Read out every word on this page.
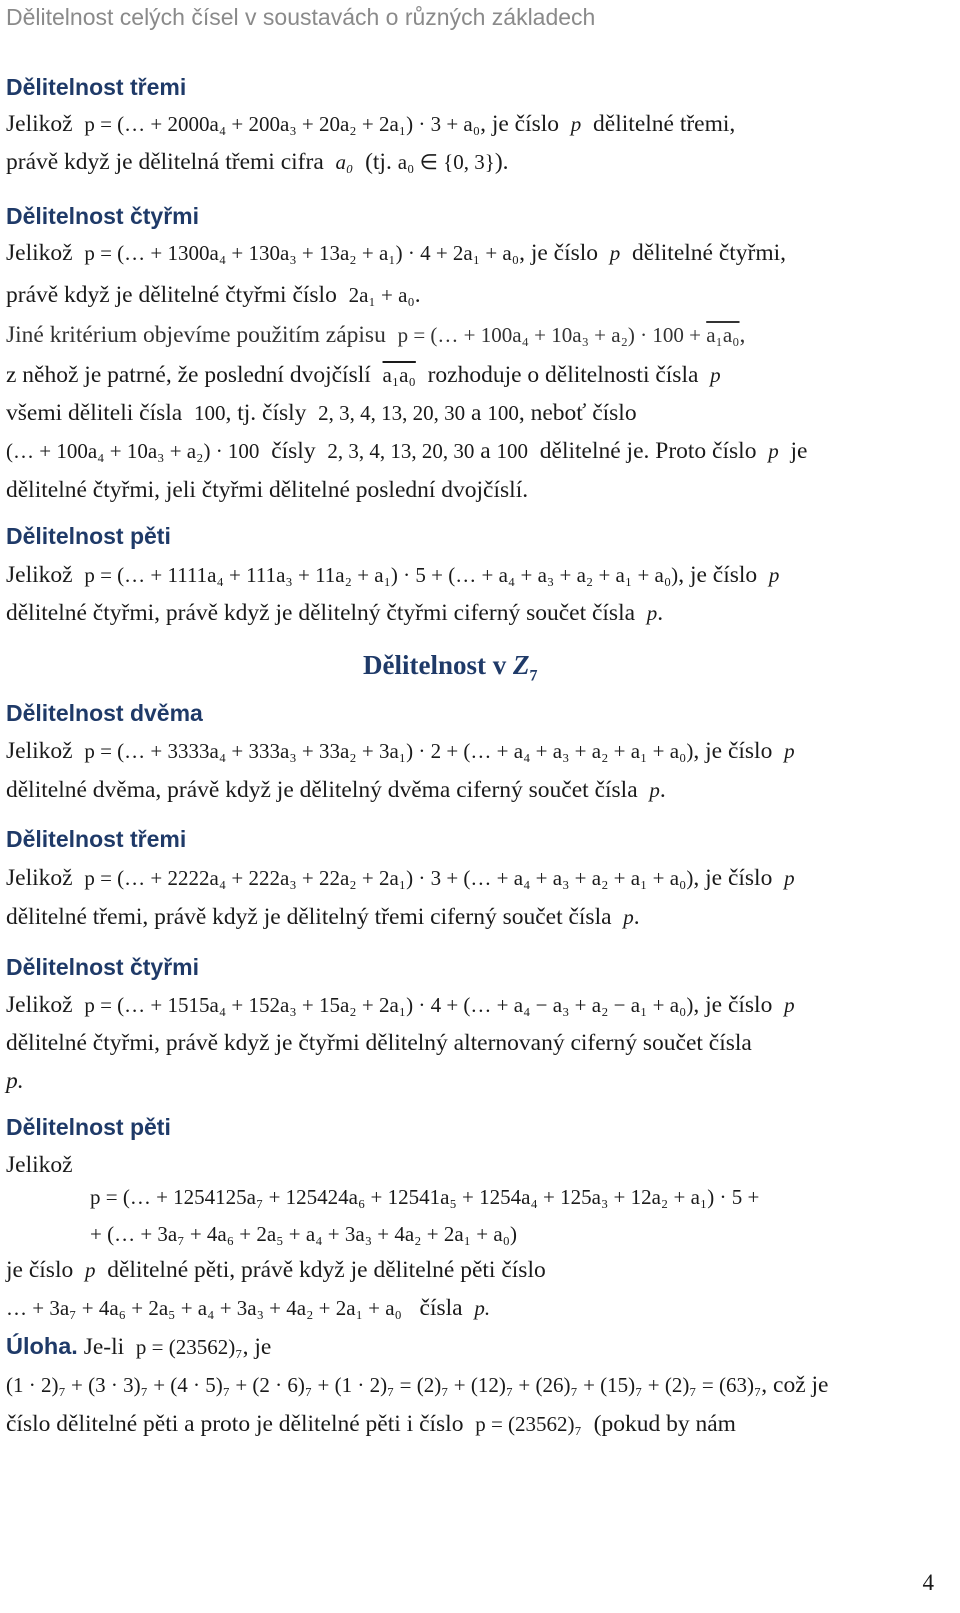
Dělitelnost celých čísel v soustavách o různých základech
Dělitelnost třemi
Jelikož p = (… + 2000a₄ + 200a₃ + 20a₂ + 2a₁) · 3 + a₀, je číslo p dělitelné třemi,
právě když je dělitelná třemi cifra a₀ (tj. a₀ ∈ {0, 3}).
Dělitelnost čtyřmi
Jelikož p = (… + 1300a₄ + 130a₃ + 13a₂ + a₁) · 4 + 2a₁ + a₀, je číslo p dělitelné čtyřmi,
právě když je dělitelné čtyřmi číslo 2a₁ + a₀.
Jiné kritérium objevíme použitím zápisu p = (… + 100a₄ + 10a₃ + a₂) · 100 + a₁a₀,
z něhož je patrné, že poslední dvojčíslí a₁a₀ rozhoduje o dělitelnosti čísla p
všemi děliteli čísla 100, tj. čísly 2, 3, 4, 13, 20, 30 a 100, neboť číslo
(… + 100a₄ + 10a₃ + a₂) · 100 čísly 2, 3, 4, 13, 20, 30 a 100 dělitelné je. Proto číslo p je
dělitelné čtyřmi, jeli čtyřmi dělitelné poslední dvojčíslí.
Dělitelnost pěti
Jelikož p = (… + 1111a₄ + 111a₃ + 11a₂ + a₁) · 5 + (… + a₄ + a₃ + a₂ + a₁ + a₀), je číslo p
dělitelné čtyřmi, právě když je dělitelný čtyřmi ciferný součet čísla p.
Dělitelnost v $Z_7$
Dělitelnost dvěma
Jelikož p = (… + 3333a₄ + 333a₃ + 33a₂ + 3a₁) · 2 + (… + a₄ + a₃ + a₂ + a₁ + a₀), je číslo p
dělitelné dvěma, právě když je dělitelný dvěma ciferný součet čísla p.
Dělitelnost třemi
Jelikož p = (… + 2222a₄ + 222a₃ + 22a₂ + 2a₁) · 3 + (… + a₄ + a₃ + a₂ + a₁ + a₀), je číslo p
dělitelné třemi, právě když je dělitelný třemi ciferný součet čísla p.
Dělitelnost čtyřmi
Jelikož p = (… + 1515a₄ + 152a₃ + 15a₂ + 2a₁) · 4 + (… + a₄ − a₃ + a₂ − a₁ + a₀), je číslo p
dělitelné čtyřmi, právě když je čtyřmi dělitelný alternovaný ciferný součet čísla
p.
Dělitelnost pěti
Jelikož
p = (… + 1254125a₇ + 125424a₆ + 12541a₅ + 1254a₄ + 125a₃ + 12a₂ + a₁) · 5 +
+ (… + 3a₇ + 4a₆ + 2a₅ + a₄ + 3a₃ + 4a₂ + 2a₁ + a₀)
je číslo p dělitelné pěti, právě když je dělitelné pěti číslo
… + 3a₇ + 4a₆ + 2a₅ + a₄ + 3a₃ + 4a₂ + 2a₁ + a₀ čísla p.
Úloha. Je-li p = (23562)₇, je
(1 · 2)₇ + (3 · 3)₇ + (4 · 5)₇ + (2 · 6)₇ + (1 · 2)₇ = (2)₇ + (12)₇ + (26)₇ + (15)₇ + (2)₇ = (63)₇, což je
číslo dělitelné pěti a proto je dělitelné pěti i číslo p = (23562)₇ (pokud by nám
4
